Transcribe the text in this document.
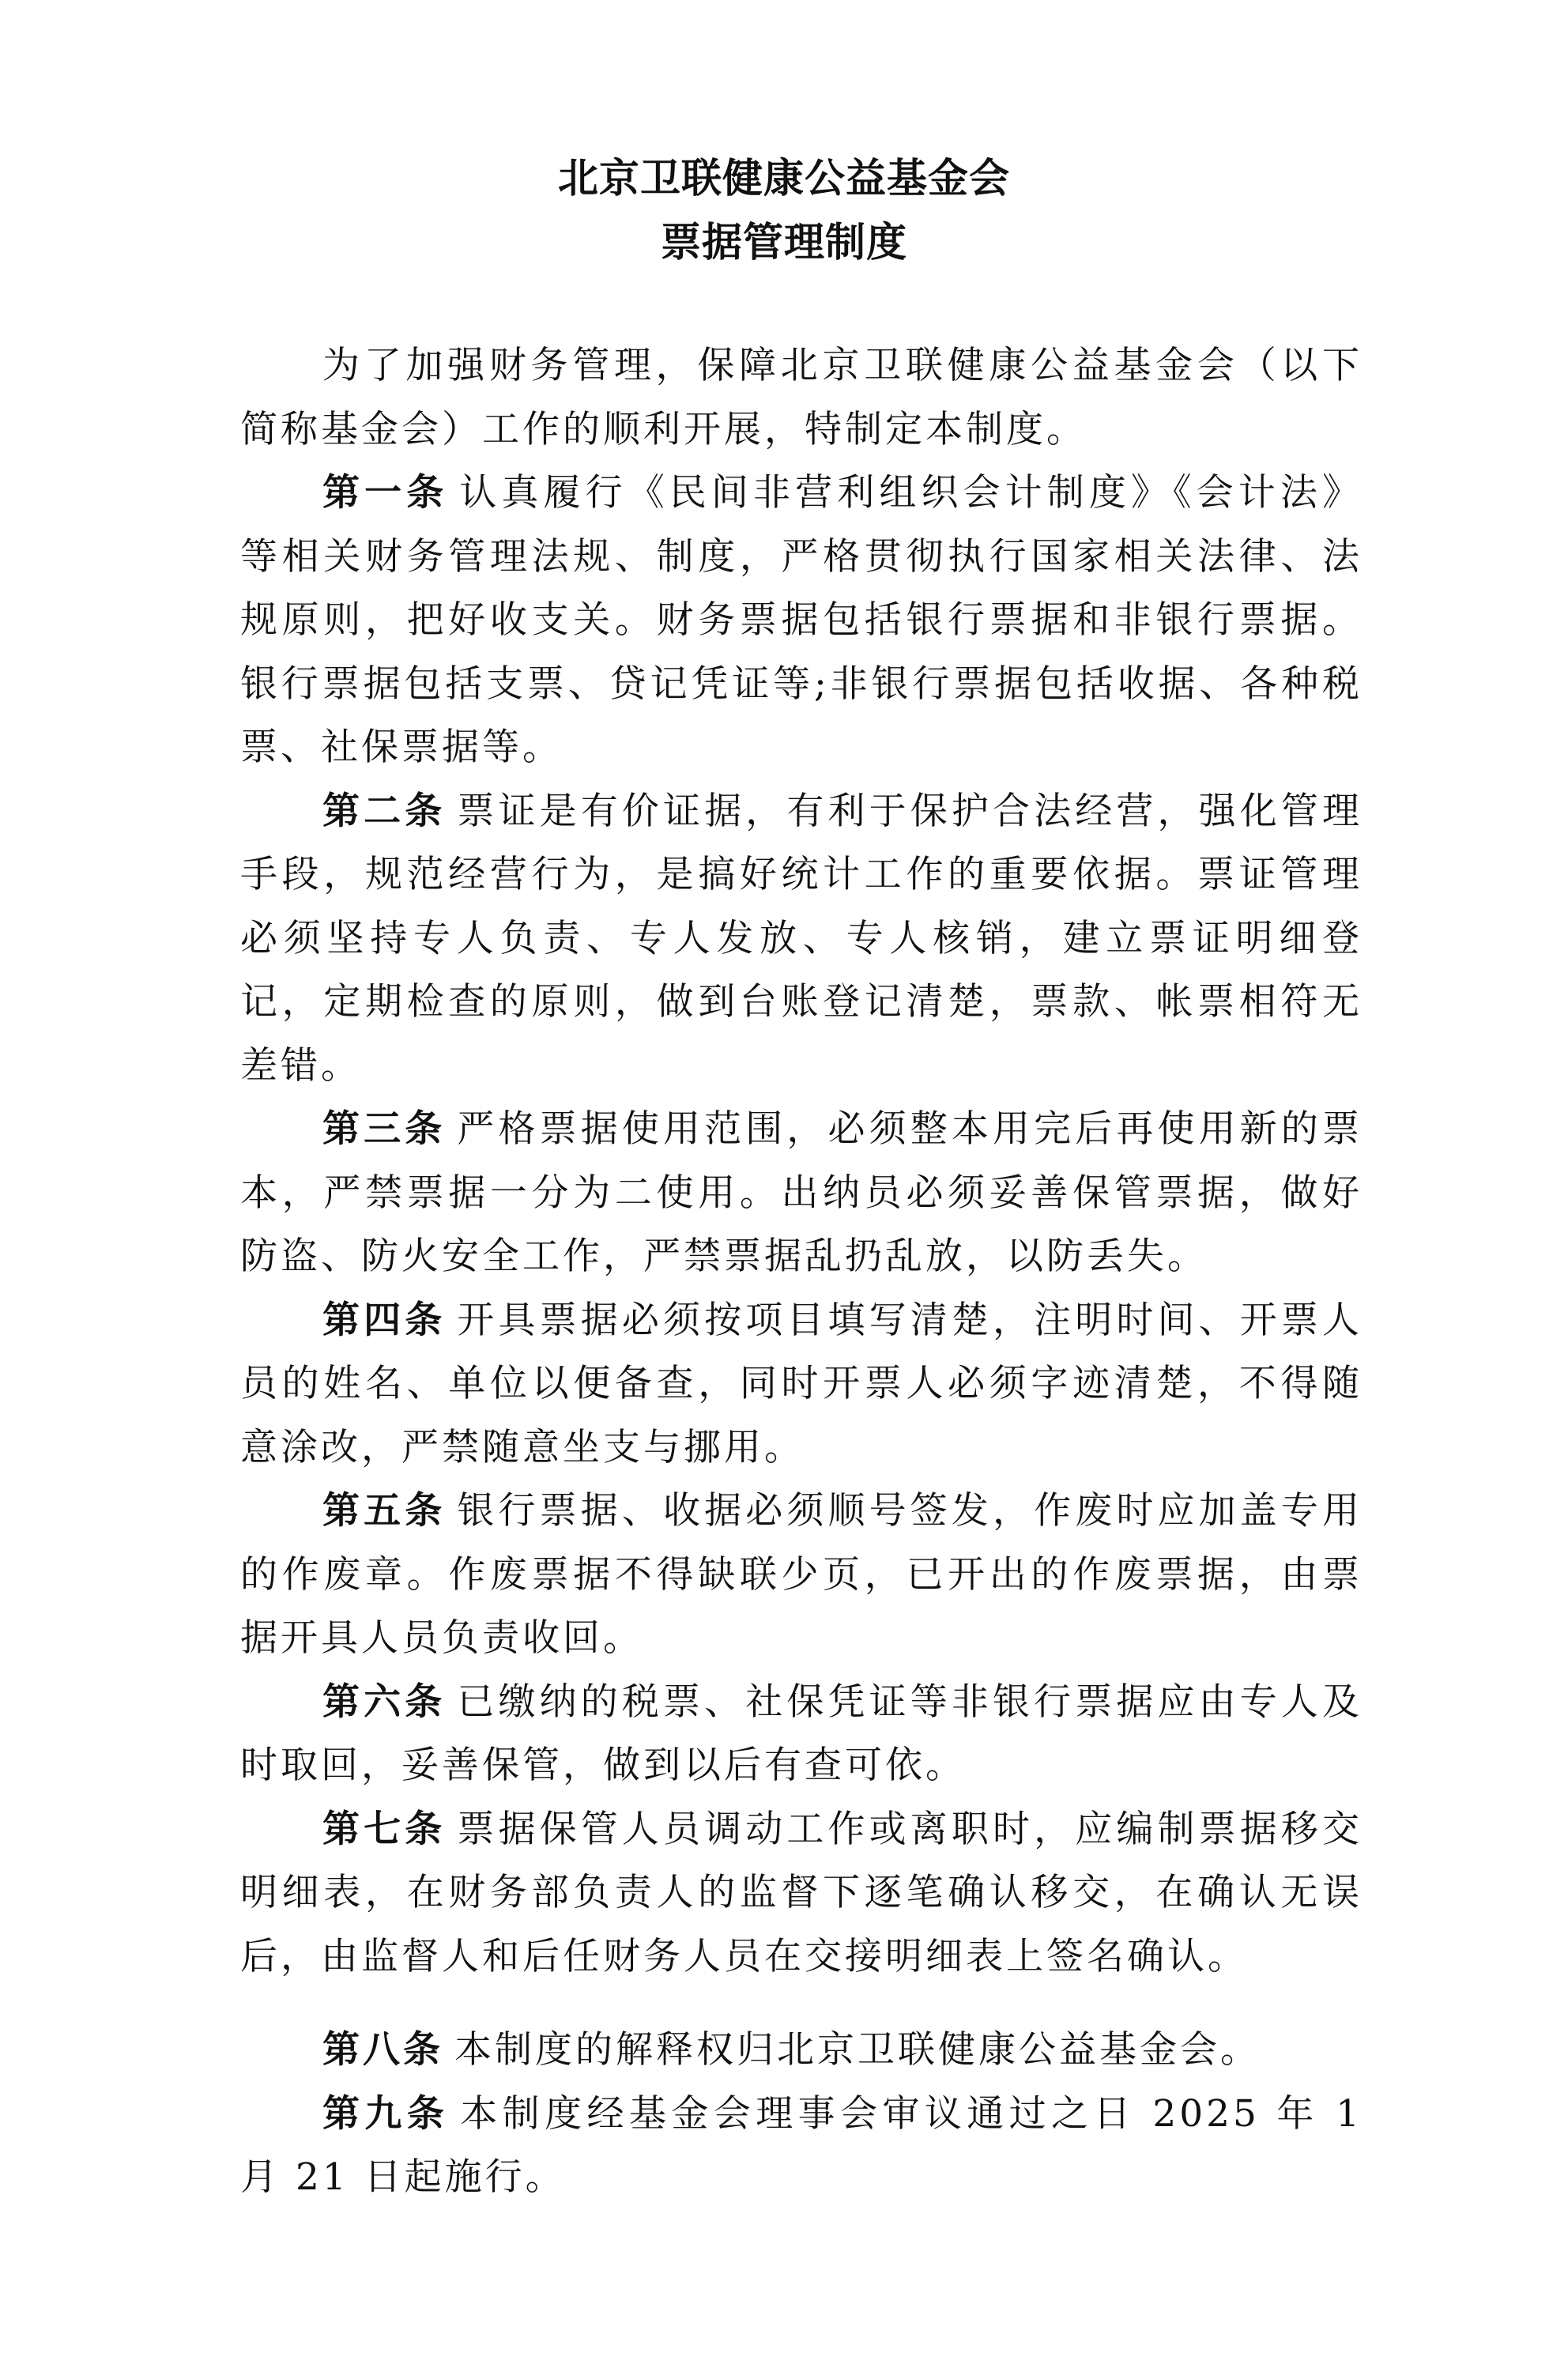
北京卫联健康公益基金会
票据管理制度

为了加强财务管理，保障北京卫联健康公益基金会（以下简称基金会）工作的顺利开展，特制定本制度。

第一条 认真履行《民间非营利组织会计制度》《会计法》等相关财务管理法规、制度，严格贯彻执行国家相关法律、法规原则，把好收支关。财务票据包括银行票据和非银行票据。银行票据包括支票、贷记凭证等;非银行票据包括收据、各种税票、社保票据等。

第二条 票证是有价证据，有利于保护合法经营，强化管理手段，规范经营行为，是搞好统计工作的重要依据。票证管理必须坚持专人负责、专人发放、专人核销，建立票证明细登记，定期检查的原则，做到台账登记清楚，票款、帐票相符无差错。

第三条 严格票据使用范围，必须整本用完后再使用新的票本，严禁票据一分为二使用。出纳员必须妥善保管票据，做好防盗、防火安全工作，严禁票据乱扔乱放，以防丢失。

第四条 开具票据必须按项目填写清楚，注明时间、开票人员的姓名、单位以便备查，同时开票人必须字迹清楚，不得随意涂改，严禁随意坐支与挪用。

第五条 银行票据、收据必须顺号签发，作废时应加盖专用的作废章。作废票据不得缺联少页，已开出的作废票据，由票据开具人员负责收回。

第六条 已缴纳的税票、社保凭证等非银行票据应由专人及时取回，妥善保管，做到以后有查可依。

第七条 票据保管人员调动工作或离职时，应编制票据移交明细表，在财务部负责人的监督下逐笔确认移交，在确认无误后，由监督人和后任财务人员在交接明细表上签名确认。

第八条 本制度的解释权归北京卫联健康公益基金会。

第九条 本制度经基金会理事会审议通过之日 2025 年 1 月 21 日起施行。
